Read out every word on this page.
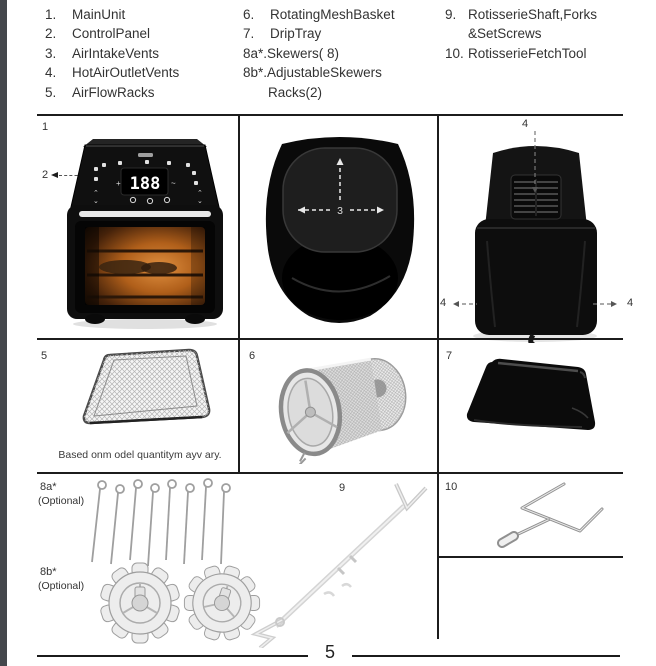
1.	MainUnit
2.	ControlPanel
3.	AirIntakeVents
4.	HotAirOutletVents
5.	AirFlowRacks
6.	RotatingMeshBasket
7.	DripTray
8a*.Skewers( 8)
8b*.AdjustableSkewers
Racks(2)
9. RotisserieShaft,Forks
&SetScrews
10. RotisserieFetchTool
1
2	188
+	~
⌃
⌄
⌃
⌄
3
4
4	4
5
Based onm odel quantitym ayv ary.
6	7
8a*
(Optional)
8b*
(Optional)
9	10
5
